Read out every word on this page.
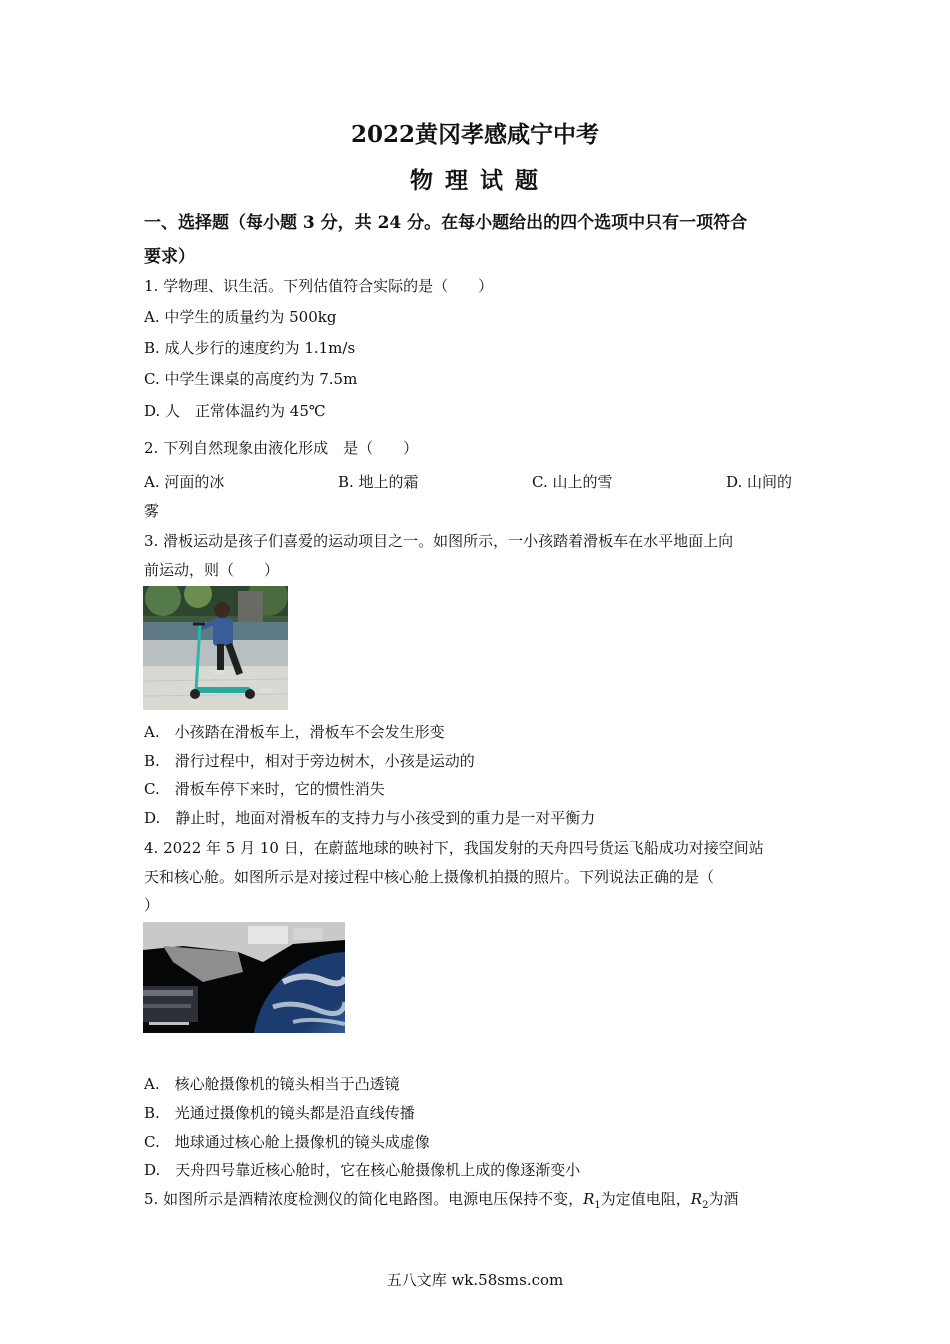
2022黄冈孝感咸宁中考
物 理 试 题
一、选择题（每小题 3 分，共 24 分。在每小题给出的四个选项中只有一项符合
要求）
1. 学物理、识生活。下列估值符合实际的是（　　）
A. 中学生的质量约为 500kg
B. 成人步行的速度约为 1.1m/s
C. 中学生课桌的高度约为 7.5m
D. 人　正常体温约为 45℃
2. 下列自然现象由液化形成　是（　　）
A. 河面的冰	B. 地上的霜	C. 山上的雪	D. 山间的
雾
3. 滑板运动是孩子们喜爱的运动项目之一。如图所示，一小孩踏着滑板车在水平地面上向
前运动，则（　　）
A.　小孩踏在滑板车上，滑板车不会发生形变
B.　滑行过程中，相对于旁边树木，小孩是运动的
C.　滑板车停下来时，它的惯性消失
D.　静止时，地面对滑板车的支持力与小孩受到的重力是一对平衡力
4. 2022 年 5 月 10 日，在蔚蓝地球的映衬下，我国发射的天舟四号货运飞船成功对接空间站
天和核心舱。如图所示是对接过程中核心舱上摄像机拍摄的照片。下列说法正确的是（
）
A.　核心舱摄像机的镜头相当于凸透镜
B.　光通过摄像机的镜头都是沿直线传播
C.　地球通过核心舱上摄像机的镜头成虚像
D.　天舟四号靠近核心舱时，它在核心舱摄像机上成的像逐渐变小
5. 如图所示是酒精浓度检测仪的简化电路图。电源电压保持不变，$R_1$为定值电阻，$R_2$为酒
五八文库 wk.58sms.com
